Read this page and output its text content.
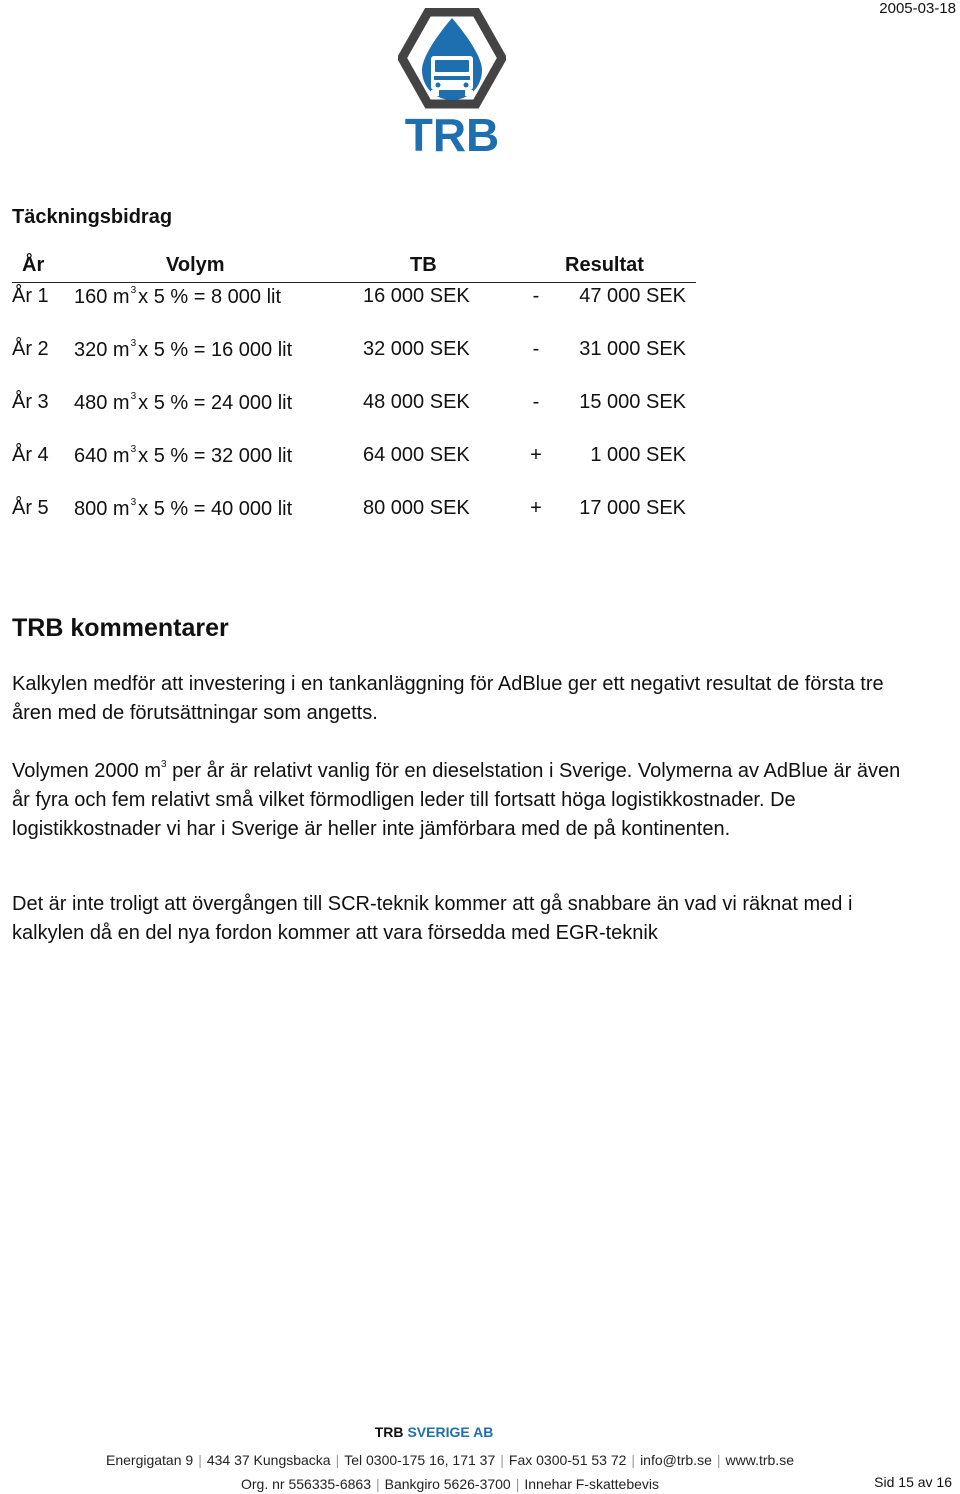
2005-03-18
TRB
Täckningsbidrag
År	Volym	TB	Resultat
År 1 160 $m^3$ x 5 % = 8 000 lit	16 000 SEK	-	47 000 SEK
År 2 320 $m^3$ x 5 % = 16 000 lit	32 000 SEK	-	31 000 SEK
År 3 480 $m^3$ x 5 % = 24 000 lit	48 000 SEK	-	15 000 SEK
År 4 640 $m^3$ x 5 % = 32 000 lit	64 000 SEK	+ 1 000 SEK
År 5 800 $m^3$ x 5 % = 40 000 lit	80 000 SEK	+ 17 000 SEK
TRB kommentarer

Kalkylen medför att investering i en tankanläggning för AdBlue ger ett negativt resultat de första tre åren med de förutsättningar som angetts.

Volymen 2000 $m^3$ per år är relativt vanlig för en dieselstation i Sverige. Volymerna av AdBlue är även år fyra och fem relativt små vilket förmodligen leder till fortsatt höga logistikkostnader. De logistikkostnader vi har i Sverige är heller inte jämförbara med de på kontinenten.

Det är inte troligt att övergången till SCR-teknik kommer att gå snabbare än vad vi räknat med i kalkylen då en del nya fordon kommer att vara försedda med EGR-teknik

TRB SVERIGE AB
Energigatan 9 | 434 37 Kungsbacka | Tel 0300-175 16, 171 37 | Fax 0300-51 53 72 | info@trb.se | www.trb.se
Org. nr 556335-6863 | Bankgiro 5626-3700 | Innehar F-skattebevis	Sid 15 av 16
